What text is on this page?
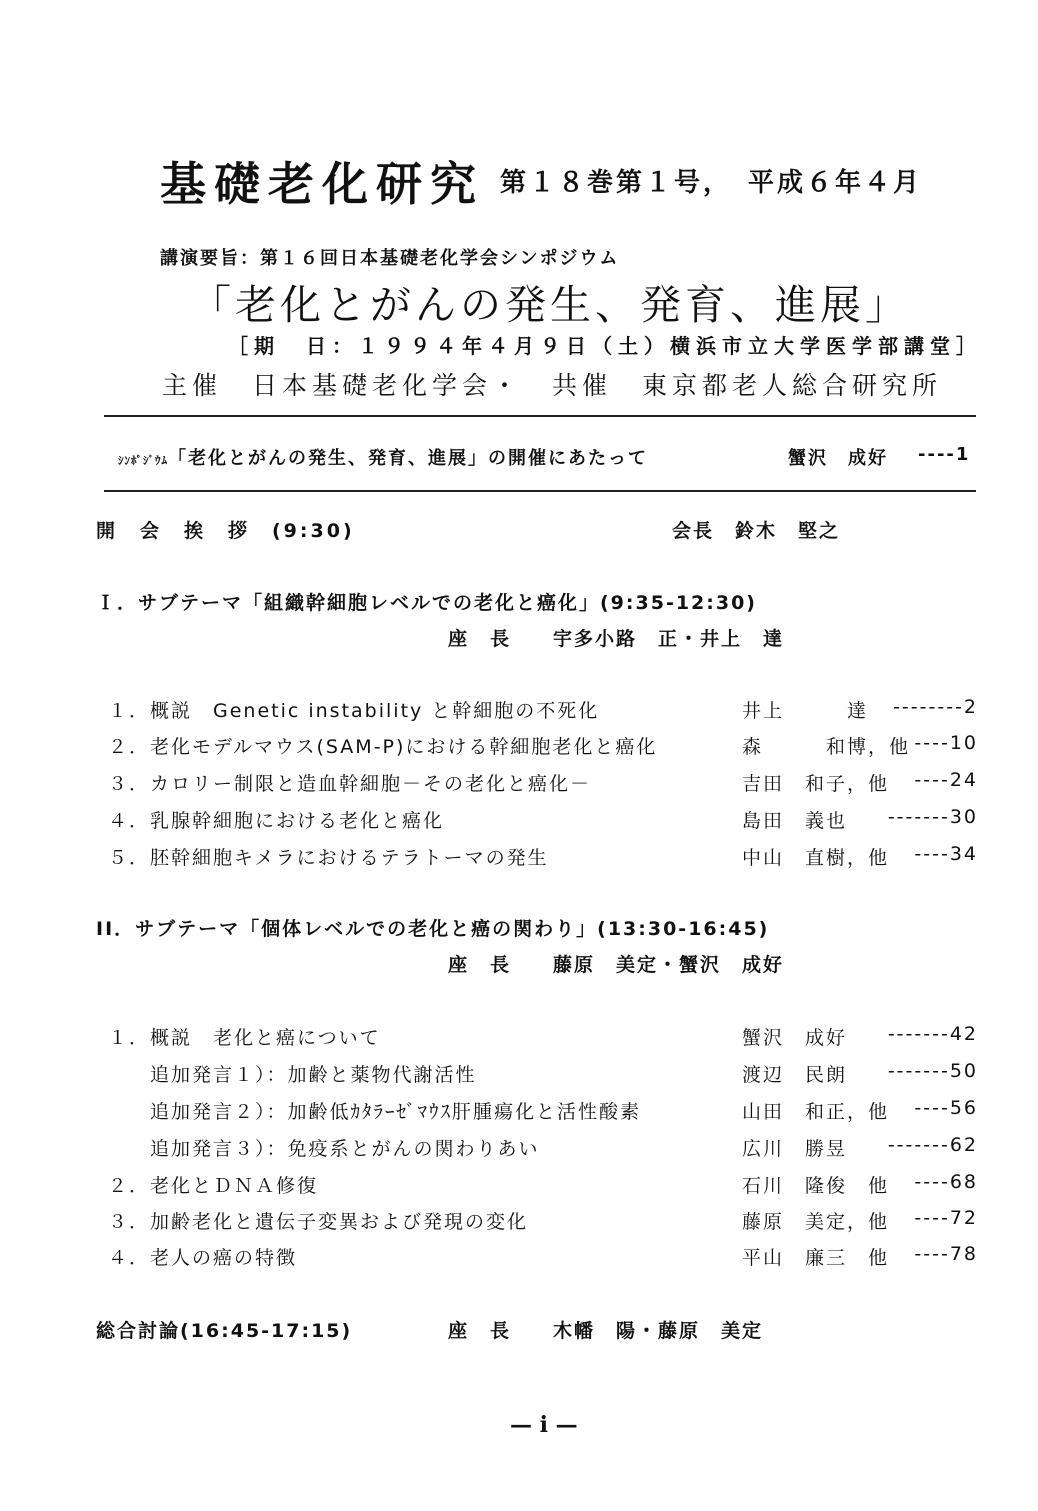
基礎老化研究 第１８巻第１号，　平成６年４月
講演要旨：第１６回日本基礎老化学会シンポジウム
「老化とがんの発生、発育、進展」
［期　日：１９９４年４月９日（土）横浜市立大学医学部講堂］
主催　日本基礎老化学会・　共催　東京都老人総合研究所
ｼﾝﾎﾟｼﾞｳﾑ「老化とがんの発生、発育、進展」の開催にあたって	蟹沢　成好 ----1
開　会　挨　拶　(9:30)	会長　鈴木　堅之
Ｉ．サブテーマ「組織幹細胞レベルでの老化と癌化」(9:35-12:30)
座　長　　宇多小路　正・井上　達
１．概説　Genetic instability と幹細胞の不死化	井上　　　達	--------2
２．老化モデルマウス(SAM-P)における幹細胞老化と癌化	森　　　和博，他 ----10
３．カロリー制限と造血幹細胞－その老化と癌化－	吉田　和子，他	----24
４．乳腺幹細胞における老化と癌化	島田　義也	-------30
５．胚幹細胞キメラにおけるテラトーマの発生	中山　直樹，他	----34
II．サブテーマ「個体レベルでの老化と癌の関わり」(13:30-16:45)
座　長　　藤原　美定・蟹沢　成好
１．概説　老化と癌について	蟹沢　成好	-------42
　　追加発言１）：加齢と薬物代謝活性	渡辺　民朗	-------50
　　追加発言２）：加齢低ｶﾀﾗｰｾﾞﾏｳｽ肝腫瘍化と活性酸素	山田　和正，他	----56
　　追加発言３）：免疫系とがんの関わりあい	広川　勝昱	-------62
２．老化とＤＮＡ修復	石川　隆俊　他	----68
３．加齢老化と遺伝子変異および発現の変化	藤原　美定，他	----72
４．老人の癌の特徴	平山　廉三　他	----78
総合討論(16:45-17:15)	座　長　　木幡　陽・藤原　美定
— i —
